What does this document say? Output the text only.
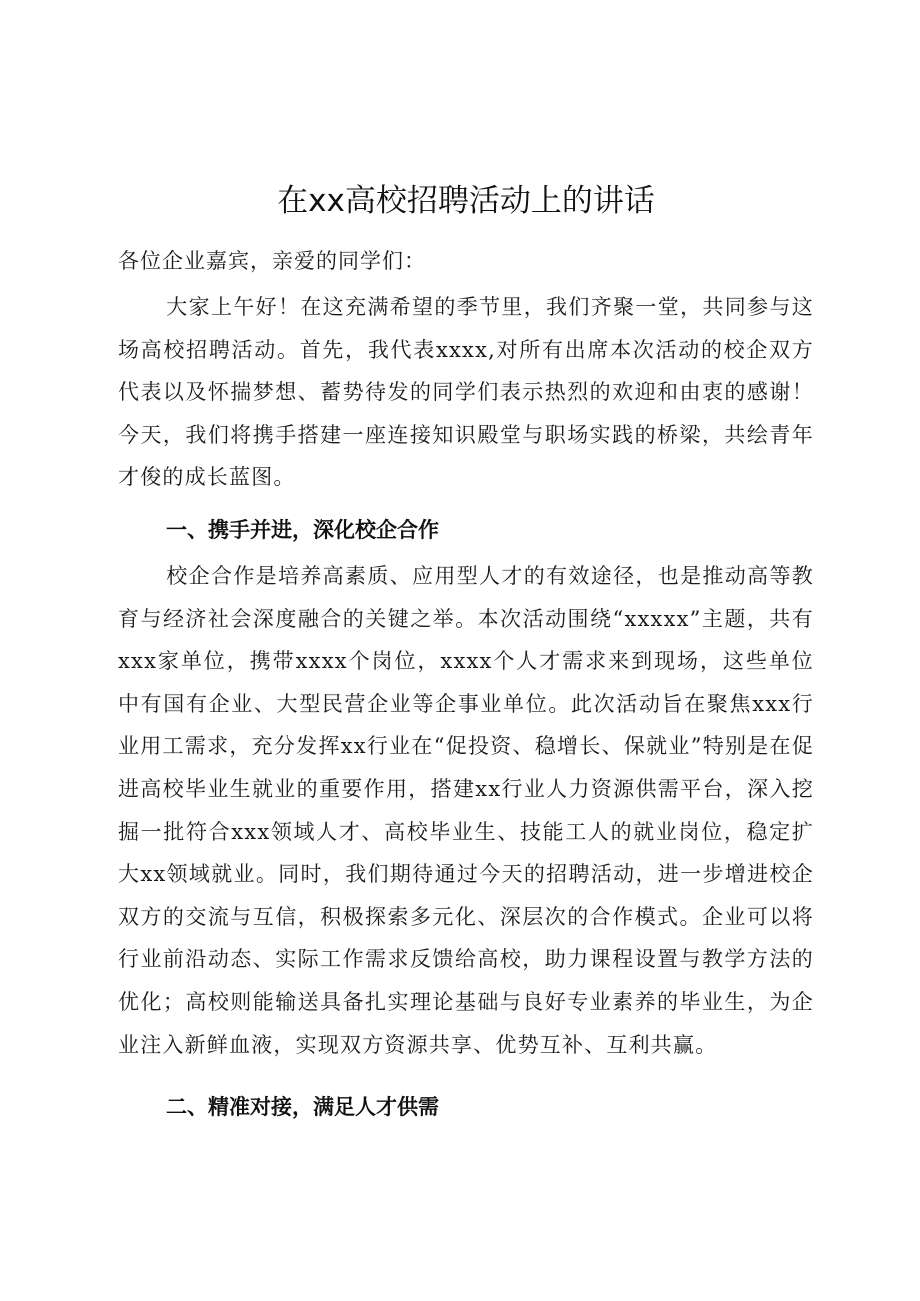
在xx高校招聘活动上的讲话

各位企业嘉宾，亲爱的同学们：

大家上午好！在这充满希望的季节里，我们齐聚一堂，共同参与这场高校招聘活动。首先，我代表xxxx,对所有出席本次活动的校企双方代表以及怀揣梦想、蓄势待发的同学们表示热烈的欢迎和由衷的感谢！今天，我们将携手搭建一座连接知识殿堂与职场实践的桥梁，共绘青年才俊的成长蓝图。

一、携手并进，深化校企合作

校企合作是培养高素质、应用型人才的有效途径，也是推动高等教育与经济社会深度融合的关键之举。本次活动围绕“xxxxx”主题，共有xxx家单位，携带xxxx个岗位，xxxx个人才需求来到现场，这些单位中有国有企业、大型民营企业等企事业单位。此次活动旨在聚焦xxx行业用工需求，充分发挥xx行业在“促投资、稳增长、保就业”特别是在促进高校毕业生就业的重要作用，搭建xx行业人力资源供需平台，深入挖掘一批符合xxx领域人才、高校毕业生、技能工人的就业岗位，稳定扩大xx领域就业。同时，我们期待通过今天的招聘活动，进一步增进校企双方的交流与互信，积极探索多元化、深层次的合作模式。企业可以将行业前沿动态、实际工作需求反馈给高校，助力课程设置与教学方法的优化；高校则能输送具备扎实理论基础与良好专业素养的毕业生，为企业注入新鲜血液，实现双方资源共享、优势互补、互利共赢。

二、精准对接，满足人才供需
